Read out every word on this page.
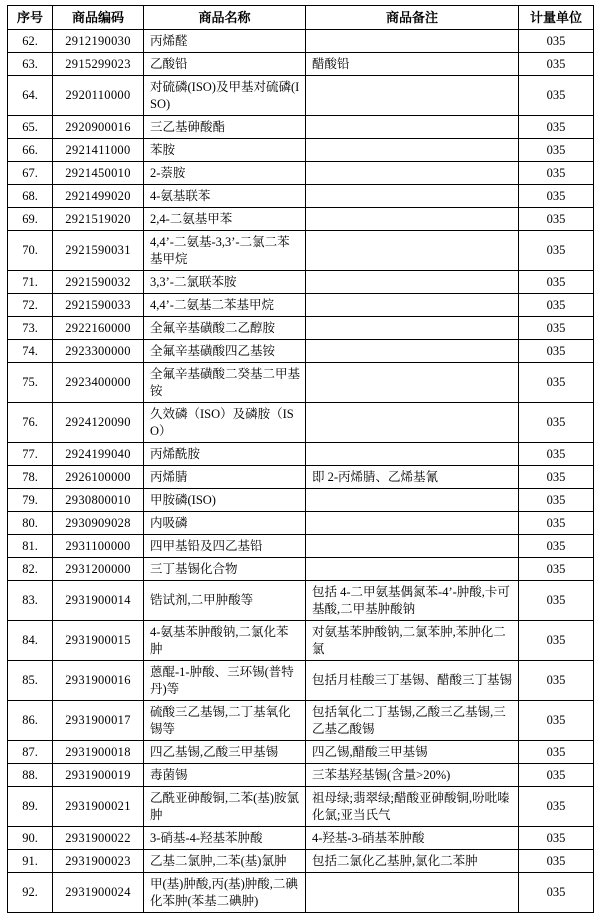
序号	商品编码	商品名称	商品备注	计量单位
62.	2912190030	丙烯醛		035
63.	2915299023	乙酸铅	醋酸铅	035
64.	2920110000	对硫磷(ISO)及甲基对硫磷(ISO)		035
65.	2920900016	三乙基砷酸酯		035
66.	2921411000	苯胺		035
67.	2921450010	2-萘胺		035
68.	2921499020	4-氨基联苯		035
69.	2921519020	2,4-二氨基甲苯		035
70.	2921590031	4,4’-二氨基-3,3’-二氯二苯基甲烷		035
71.	2921590032	3,3’-二氯联苯胺		035
72.	2921590033	4,4’-二氨基二苯基甲烷		035
73.	2922160000	全氟辛基磺酸二乙醇胺		035
74.	2923300000	全氟辛基磺酸四乙基铵		035
75.	2923400000	全氟辛基磺酸二癸基二甲基铵		035
76.	2924120090	久效磷（ISO）及磷胺（ISO）		035
77.	2924199040	丙烯酰胺		035
78.	2926100000	丙烯腈	即 2-丙烯腈、乙烯基氰	035
79.	2930800010	甲胺磷(ISO)		035
80.	2930909028	内吸磷		035
81.	2931100000	四甲基铅及四乙基铅		035
82.	2931200000	三丁基锡化合物		035
83.	2931900014	锆试剂,二甲肿酸等	包括 4-二甲氨基偶氮苯-4’-肿酸,卡可基酸,二甲基肿酸钠	035
84.	2931900015	4-氨基苯肿酸钠,二氯化苯肿	对氨基苯肿酸钠,二氯苯肿,苯肿化二氯	035
85.	2931900016	蒽醌-1-肿酸、三环锡(普特丹)等	包括月桂酸三丁基锡、醋酸三丁基锡	035
86.	2931900017	硫酸三乙基锡,二丁基氧化锡等	包括氧化二丁基锡,乙酸三乙基锡,三乙基乙酸锡	035
87.	2931900018	四乙基锡,乙酸三甲基锡	四乙锡,醋酸三甲基锡	035
88.	2931900019	毒菌锡	三苯基羟基锡(含量>20%)	035
89.	2931900021	乙酰亚砷酸铜,二苯(基)胺氯肿	祖母绿;翡翠绿;醋酸亚砷酸铜,吩吡嗪化氯;亚当氏气	035
90.	2931900022	3-硝基-4-羟基苯肿酸	4-羟基-3-硝基苯肿酸	035
91.	2931900023	乙基二氯肿,二苯(基)氯肿	包括二氯化乙基肿,氯化二苯肿	035
92.	2931900024	甲(基)肿酸,丙(基)肿酸,二碘化苯肿(苯基二碘肿)		035
